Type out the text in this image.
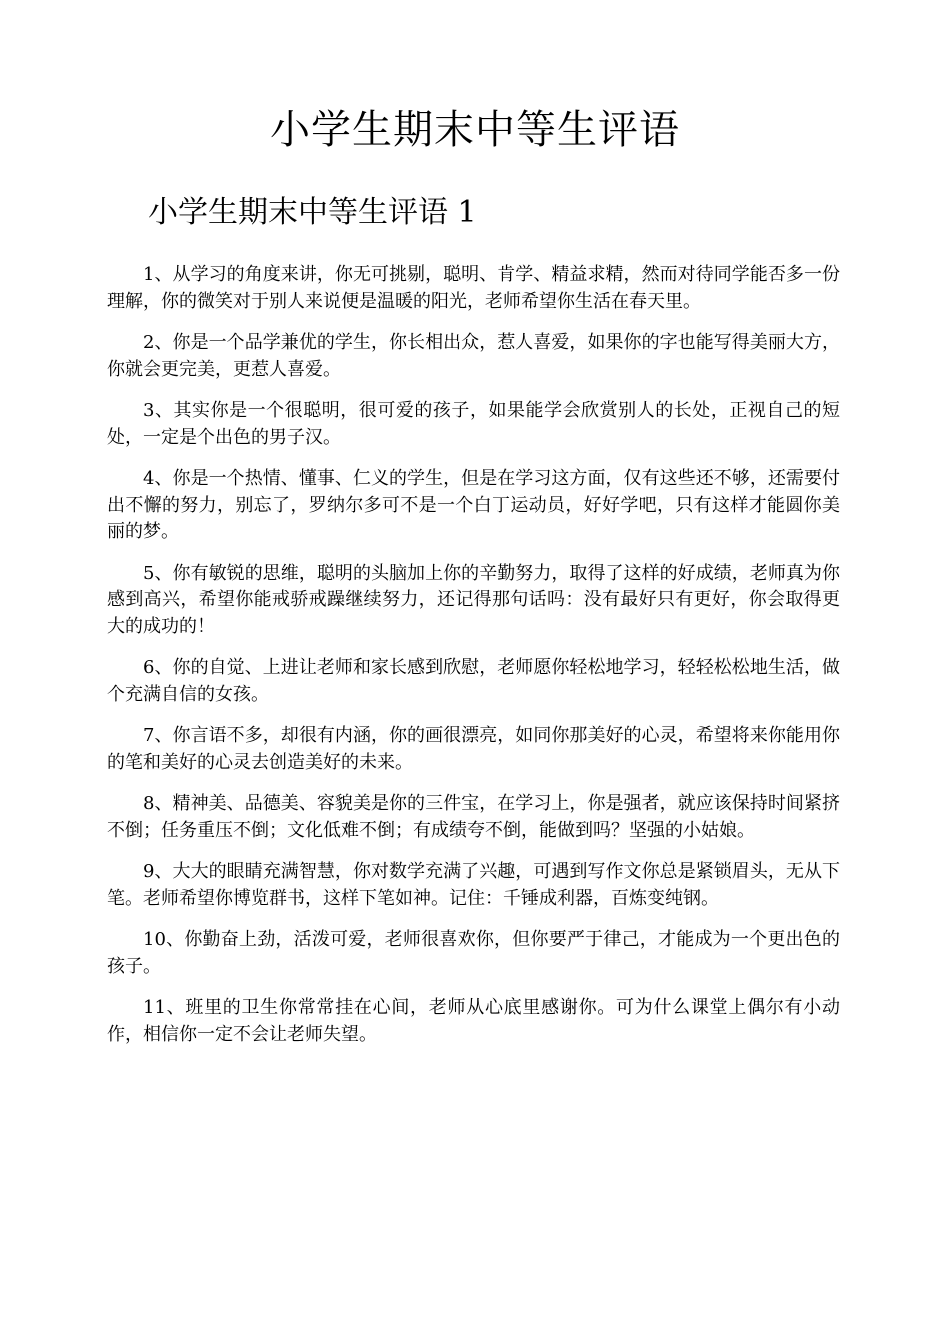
小学生期末中等生评语
小学生期末中等生评语 1

1、从学习的角度来讲，你无可挑剔，聪明、肯学、精益求精，然而对待同学能否多一份理解，你的微笑对于别人来说便是温暖的阳光，老师希望你生活在春天里。

2、你是一个品学兼优的学生，你长相出众，惹人喜爱，如果你的字也能写得美丽大方，你就会更完美，更惹人喜爱。

3、其实你是一个很聪明，很可爱的孩子，如果能学会欣赏别人的长处，正视自己的短处，一定是个出色的男子汉。

4、你是一个热情、懂事、仁义的学生，但是在学习这方面，仅有这些还不够，还需要付出不懈的努力，别忘了，罗纳尔多可不是一个白丁运动员，好好学吧，只有这样才能圆你美丽的梦。

5、你有敏锐的思维，聪明的头脑加上你的辛勤努力，取得了这样的好成绩，老师真为你感到高兴，希望你能戒骄戒躁继续努力，还记得那句话吗：没有最好只有更好，你会取得更大的成功的！

6、你的自觉、上进让老师和家长感到欣慰，老师愿你轻松地学习，轻轻松松地生活，做个充满自信的女孩。

7、你言语不多，却很有内涵，你的画很漂亮，如同你那美好的心灵，希望将来你能用你的笔和美好的心灵去创造美好的未来。

8、精神美、品德美、容貌美是你的三件宝，在学习上，你是强者，就应该保持时间紧挤不倒；任务重压不倒；文化低难不倒；有成绩夸不倒，能做到吗？坚强的小姑娘。

9、大大的眼睛充满智慧，你对数学充满了兴趣，可遇到写作文你总是紧锁眉头，无从下笔。老师希望你博览群书，这样下笔如神。记住：千锤成利器，百炼变纯钢。

10、你勤奋上劲，活泼可爱，老师很喜欢你，但你要严于律己，才能成为一个更出色的孩子。

11、班里的卫生你常常挂在心间，老师从心底里感谢你。可为什么课堂上偶尔有小动作，相信你一定不会让老师失望。
